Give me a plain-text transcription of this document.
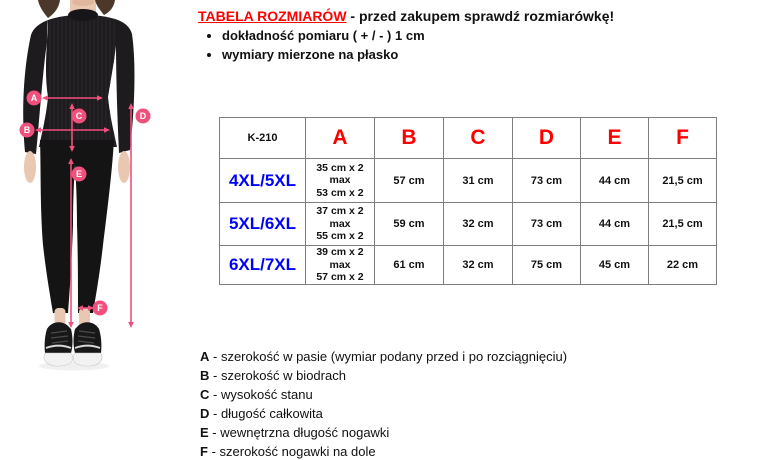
A
B
C	D
E
F
TABELA ROZMIARÓW - przed zakupem sprawdź rozmiarówkę!
• dokładność pomiaru ( + / - ) 1 cm
• wymiary mierzone na płasko
K-210	A	B	C	D	E	F
4XL/5XL	35 cm x 2
max
53 cm x 2	57 cm	31 cm	73 cm	44 cm	21,5 cm
5XL/6XL	37 cm x 2
max
55 cm x 2	59 cm	32 cm	73 cm	44 cm	21,5 cm
6XL/7XL	39 cm x 2
max
57 cm x 2	61 cm	32 cm	75 cm	45 cm	22 cm
A - szerokość w pasie (wymiar podany przed i po rozciągnięciu)
B - szerokość w biodrach
C - wysokość stanu
D - długość całkowita
E - wewnętrzna długość nogawki
F - szerokość nogawki na dole
